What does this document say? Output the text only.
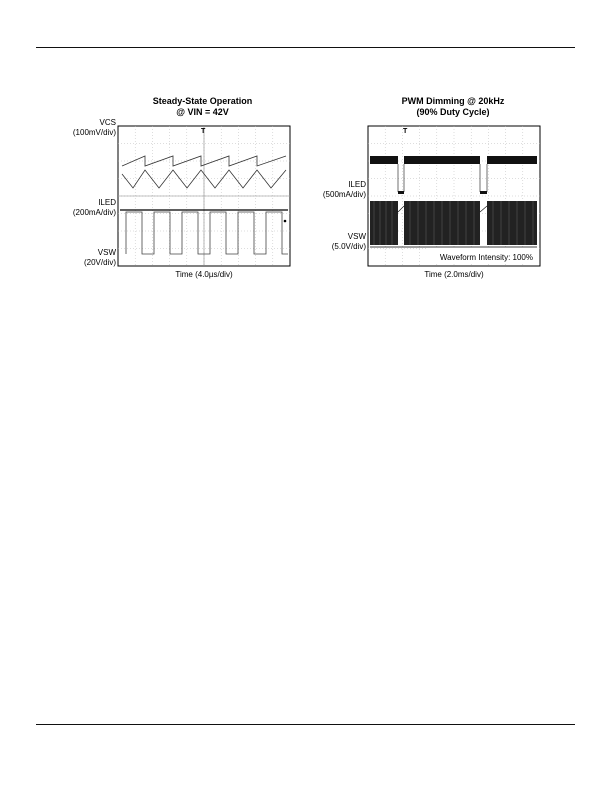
Steady-State Operation
@ VIN = 42V
VCS
(100mV/div)
ILED
(200mA/div)
VSW
(20V/div)
T
Time (4.0µs/div)
PWM Dimming @ 20kHz
(90% Duty Cycle)
ILED
(500mA/div)
VSW
(5.0V/div)
Waveform Intensity: 100%
T
Time (2.0ms/div)
